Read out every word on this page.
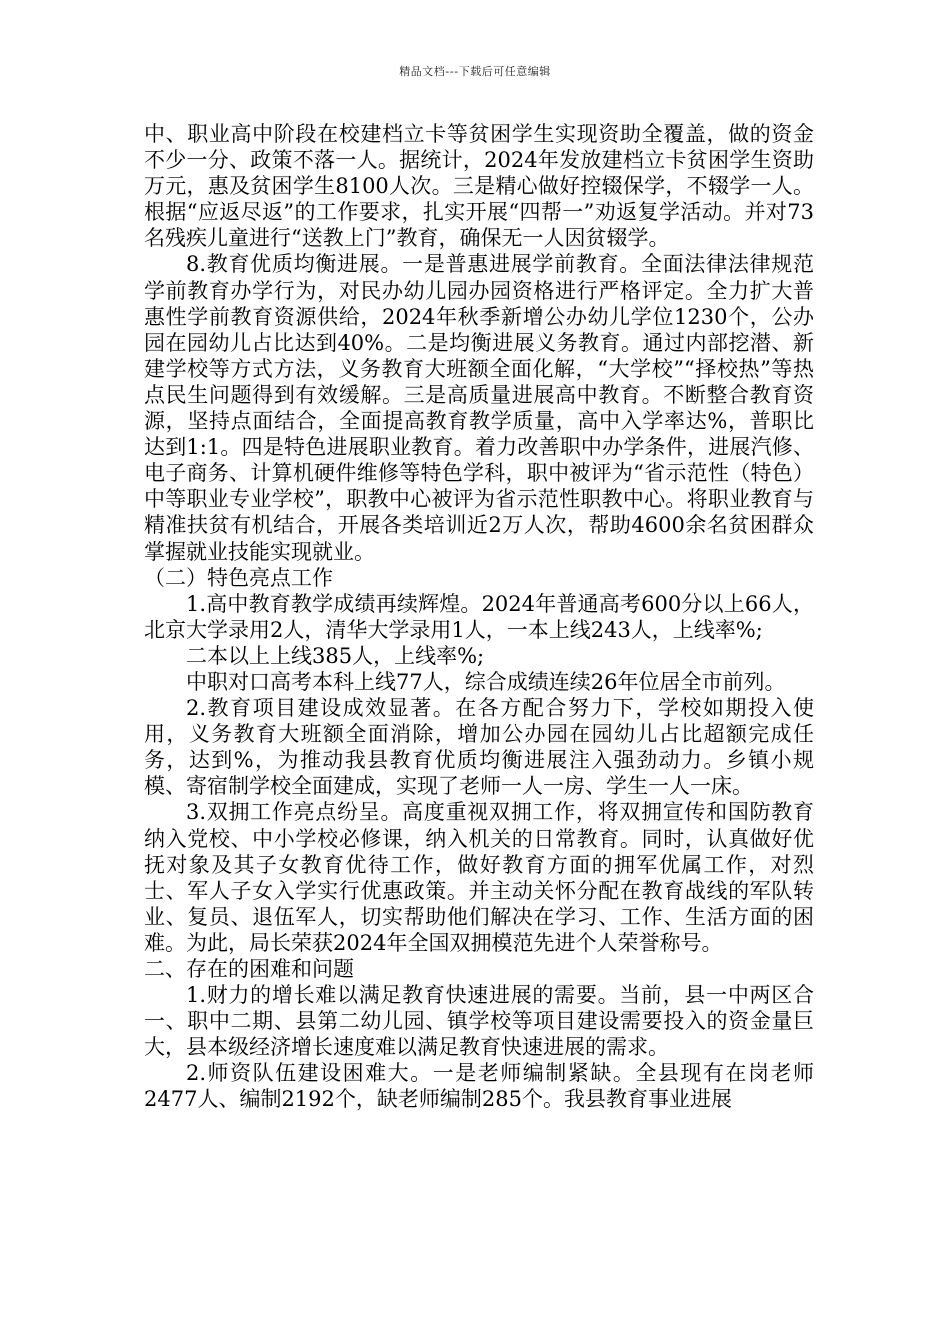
精品文档---下载后可任意编辑

中、职业高中阶段在校建档立卡等贫困学生实现资助全覆盖，做的资金不少一分、政策不落一人。据统计，2024年发放建档立卡贫困学生资助万元，惠及贫困学生8100人次。三是精心做好控辍保学，不辍学一人。根据“应返尽返”的工作要求，扎实开展“四帮一”劝返复学活动。并对73名残疾儿童进行“送教上门”教育，确保无一人因贫辍学。

8.教育优质均衡进展。一是普惠进展学前教育。全面法律法律规范学前教育办学行为，对民办幼儿园办园资格进行严格评定。全力扩大普惠性学前教育资源供给，2024年秋季新增公办幼儿学位1230个，公办园在园幼儿占比达到40%。二是均衡进展义务教育。通过内部挖潜、新建学校等方式方法，义务教育大班额全面化解，“大学校”“择校热”等热点民生问题得到有效缓解。三是高质量进展高中教育。不断整合教育资源，坚持点面结合，全面提高教育教学质量，高中入学率达%，普职比达到1:1。四是特色进展职业教育。着力改善职中办学条件，进展汽修、电子商务、计算机硬件维修等特色学科，职中被评为“省示范性（特色）中等职业专业学校”，职教中心被评为省示范性职教中心。将职业教育与精准扶贫有机结合，开展各类培训近2万人次，帮助4600余名贫困群众掌握就业技能实现就业。

（二）特色亮点工作

1.高中教育教学成绩再续辉煌。2024年普通高考600分以上66人，北京大学录用2人，清华大学录用1人，一本上线243人，上线率%;

二本以上上线385人，上线率%;

中职对口高考本科上线77人，综合成绩连续26年位居全市前列。

2.教育项目建设成效显著。在各方配合努力下，学校如期投入使用，义务教育大班额全面消除，增加公办园在园幼儿占比超额完成任务，达到%，为推动我县教育优质均衡进展注入强劲动力。乡镇小规模、寄宿制学校全面建成，实现了老师一人一房、学生一人一床。

3.双拥工作亮点纷呈。高度重视双拥工作，将双拥宣传和国防教育纳入党校、中小学校必修课，纳入机关的日常教育。同时，认真做好优抚对象及其子女教育优待工作，做好教育方面的拥军优属工作，对烈士、军人子女入学实行优惠政策。并主动关怀分配在教育战线的军队转业、复员、退伍军人，切实帮助他们解决在学习、工作、生活方面的困难。为此，局长荣获2024年全国双拥模范先进个人荣誉称号。

二、存在的困难和问题

1.财力的增长难以满足教育快速进展的需要。当前，县一中两区合一、职中二期、县第二幼儿园、镇学校等项目建设需要投入的资金量巨大，县本级经济增长速度难以满足教育快速进展的需求。

2.师资队伍建设困难大。一是老师编制紧缺。全县现有在岗老师2477人、编制2192个，缺老师编制285个。我县教育事业进展
